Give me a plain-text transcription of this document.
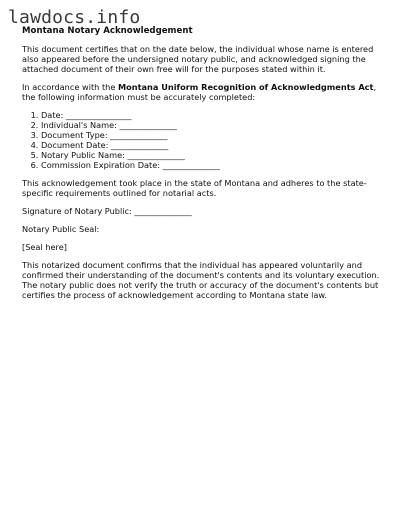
lawdocs.info
Montana Notary Acknowledgement

This document certifies that on the date below, the individual whose name is entered also appeared before the undersigned notary public, and acknowledged signing the attached document of their own free will for the purposes stated within it.

In accordance with the Montana Uniform Recognition of Acknowledgments Act, the following information must be accurately completed:

1. Date: ________________
2. Individual's Name: ______________
3. Document Type: ______________
4. Document Date: ______________
5. Notary Public Name: ______________
6. Commission Expiration Date: ______________

This acknowledgement took place in the state of Montana and adheres to the state-specific requirements outlined for notarial acts.

Signature of Notary Public: ______________

Notary Public Seal:

[Seal here]

This notarized document confirms that the individual has appeared voluntarily and confirmed their understanding of the document's contents and its voluntary execution. The notary public does not verify the truth or accuracy of the document's contents but certifies the process of acknowledgement according to Montana state law.
